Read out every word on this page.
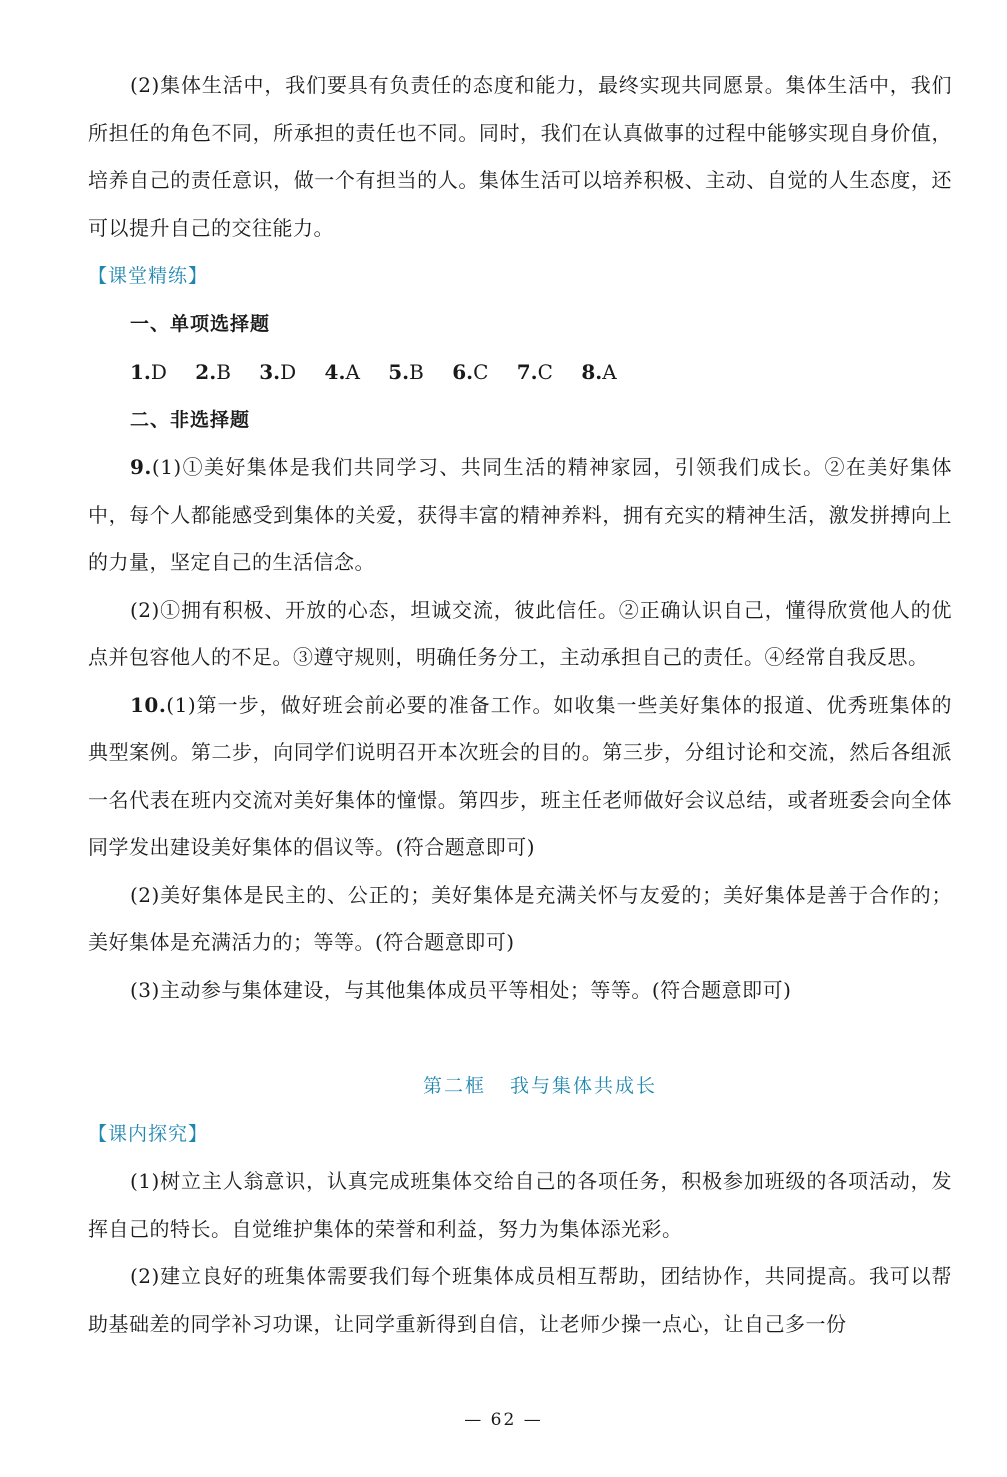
(2)集体生活中，我们要具有负责任的态度和能力，最终实现共同愿景。集体生活中，我们所担任的角色不同，所承担的责任也不同。同时，我们在认真做事的过程中能够实现自身价值，培养自己的责任意识，做一个有担当的人。集体生活可以培养积极、主动、自觉的人生态度，还可以提升自己的交往能力。

【课堂精练】
一、单项选择题
1.D 2.B 3.D 4.A 5.B 6.C 7.C 8.A
二、非选择题

9.(1)①美好集体是我们共同学习、共同生活的精神家园，引领我们成长。②在美好集体中，每个人都能感受到集体的关爱，获得丰富的精神养料，拥有充实的精神生活，激发拼搏向上的力量，坚定自己的生活信念。

(2)①拥有积极、开放的心态，坦诚交流，彼此信任。②正确认识自己，懂得欣赏他人的优点并包容他人的不足。③遵守规则，明确任务分工，主动承担自己的责任。④经常自我反思。

10.(1)第一步，做好班会前必要的准备工作。如收集一些美好集体的报道、优秀班集体的典型案例。第二步，向同学们说明召开本次班会的目的。第三步，分组讨论和交流，然后各组派一名代表在班内交流对美好集体的憧憬。第四步，班主任老师做好会议总结，或者班委会向全体同学发出建设美好集体的倡议等。(符合题意即可)

(2)美好集体是民主的、公正的；美好集体是充满关怀与友爱的；美好集体是善于合作的；美好集体是充满活力的；等等。(符合题意即可)

(3)主动参与集体建设，与其他集体成员平等相处；等等。(符合题意即可)

第二框 我与集体共成长
【课内探究】

(1)树立主人翁意识，认真完成班集体交给自己的各项任务，积极参加班级的各项活动，发挥自己的特长。自觉维护集体的荣誉和利益，努力为集体添光彩。

(2)建立良好的班集体需要我们每个班集体成员相互帮助，团结协作，共同提高。我可以帮助基础差的同学补习功课，让同学重新得到自信，让老师少操一点心，让自己多一份

— 62 —
